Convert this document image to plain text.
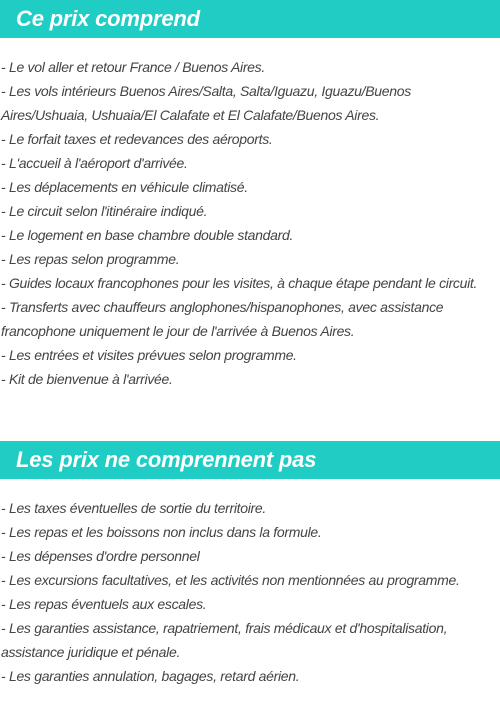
Ce prix comprend
- Le vol aller et retour France / Buenos Aires.
- Les vols intérieurs Buenos Aires/Salta, Salta/Iguazu, Iguazu/Buenos Aires/Ushuaia, Ushuaia/El Calafate et El Calafate/Buenos Aires.
- Le forfait taxes et redevances des aéroports.
- L'accueil à l'aéroport d'arrivée.
- Les déplacements en véhicule climatisé.
- Le circuit selon l'itinéraire indiqué.
- Le logement en base chambre double standard.
- Les repas selon programme.
- Guides locaux francophones pour les visites, à chaque étape pendant le circuit.
- Transferts avec chauffeurs anglophones/hispanophones, avec assistance francophone uniquement le jour de l'arrivée à Buenos Aires.
- Les entrées et visites prévues selon programme.
- Kit de bienvenue à l'arrivée.
Les prix ne comprennent pas
- Les taxes éventuelles de sortie du territoire.
- Les repas et les boissons non inclus dans la formule.
- Les dépenses d'ordre personnel
- Les excursions facultatives, et les activités non mentionnées au programme.
- Les repas éventuels aux escales.
- Les garanties assistance, rapatriement, frais médicaux et d'hospitalisation, assistance juridique et pénale.
- Les garanties annulation, bagages, retard aérien.
